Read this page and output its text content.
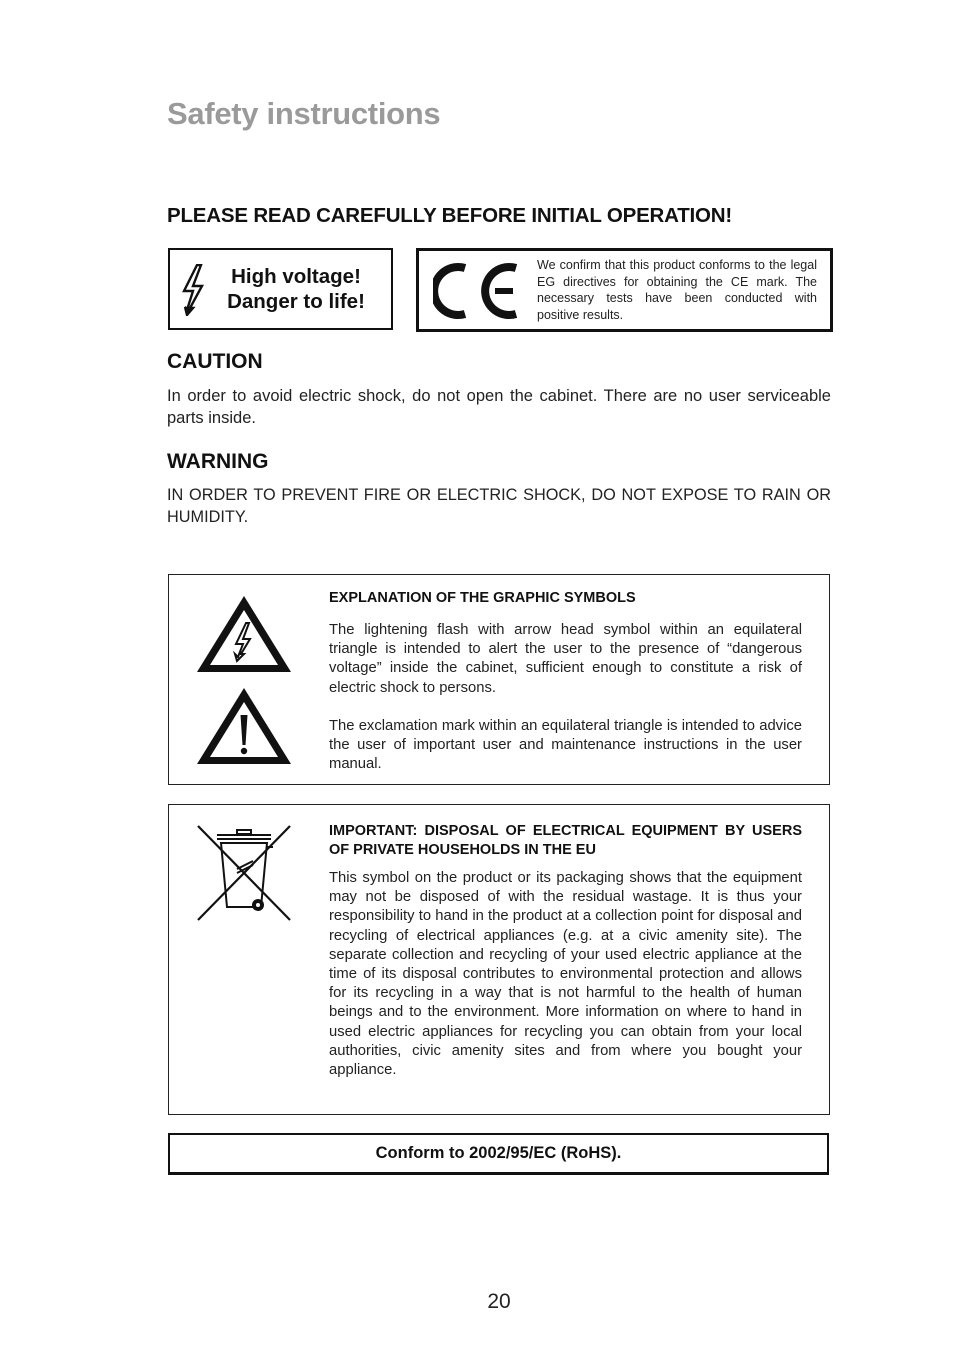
Safety instructions
PLEASE READ CAREFULLY BEFORE INITIAL OPERATION!
High voltage!
Danger to life!
We confirm that this product conforms to the legal EG directives for obtaining the CE mark. The necessary tests have been conducted with positive results.
CAUTION
In order to avoid electric shock, do not open the cabinet. There are no user serviceable parts inside.
WARNING
IN ORDER TO PREVENT FIRE OR ELECTRIC SHOCK, DO NOT EXPOSE TO RAIN OR HUMIDITY.
EXPLANATION OF THE GRAPHIC SYMBOLS
The lightening flash with arrow head symbol within an equilateral triangle is intended to alert the user to the presence of “dangerous voltage” inside the cabinet, sufficient enough to constitute a risk of electric shock to persons.
The exclamation mark within an equilateral triangle is intended to advice the user of important user and maintenance instructions in the user manual.
IMPORTANT: DISPOSAL OF ELECTRICAL EQUIPMENT BY USERS OF PRIVATE HOUSEHOLDS IN THE EU
This symbol on the product or its packaging shows that the equipment may not be disposed of with the residual wastage. It is thus your responsibility to hand in the product at a collection point for disposal and recycling of electrical appliances (e.g. at a civic amenity site). The separate collection and recycling of your used electric appliance at the time of its disposal contributes to environmental protection and allows for its recycling in a way that is not harmful to the health of human beings and to the environment. More information on where to hand in used electric appliances for recycling you can obtain from your local authorities, civic amenity sites and from where you bought your appliance.
Conform to 2002/95/EC (RoHS).
20
